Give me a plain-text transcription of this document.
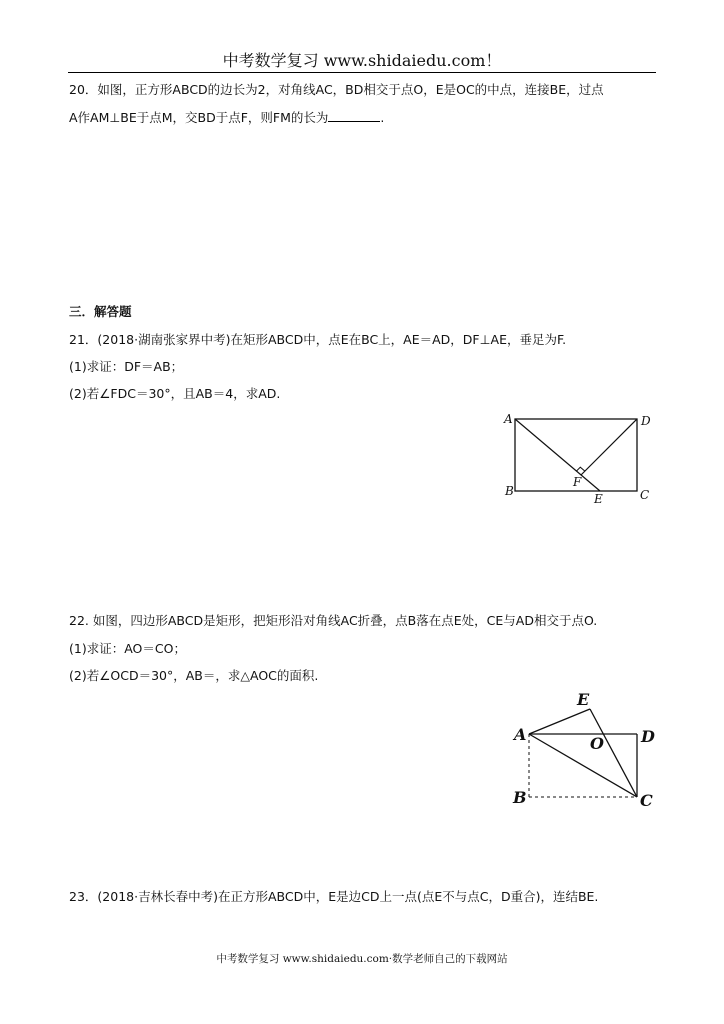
中考数学复习 www.shidaiedu.com！
20．如图，正方形ABCD的边长为2，对角线AC，BD相交于点O，E是OC的中点，连接BE，过点
A作AM⊥BE于点M，交BD于点F，则FM的长为	.
三．解答题
21．(2018·湖南张家界中考)在矩形ABCD中，点E在BC上，AE＝AD，DF⊥AE，垂足为F.
(1)求证：DF＝AB；
(2)若∠FDC＝30°，且AB＝4，求AD.
A	D
B	C
F
E
22. 如图，四边形ABCD是矩形，把矩形沿对角线AC折叠，点B落在点E处，CE与AD相交于点O.
(1)求证：AO＝CO；
(2)若∠OCD＝30°，AB＝，求△AOC的面积.
E
A	O D
B	C
23．(2018·吉林长春中考)在正方形ABCD中，E是边CD上一点(点E不与点C，D重合)，连结BE.
中考数学复习 www.shidaiedu.com·数学老师自己的下载网站
